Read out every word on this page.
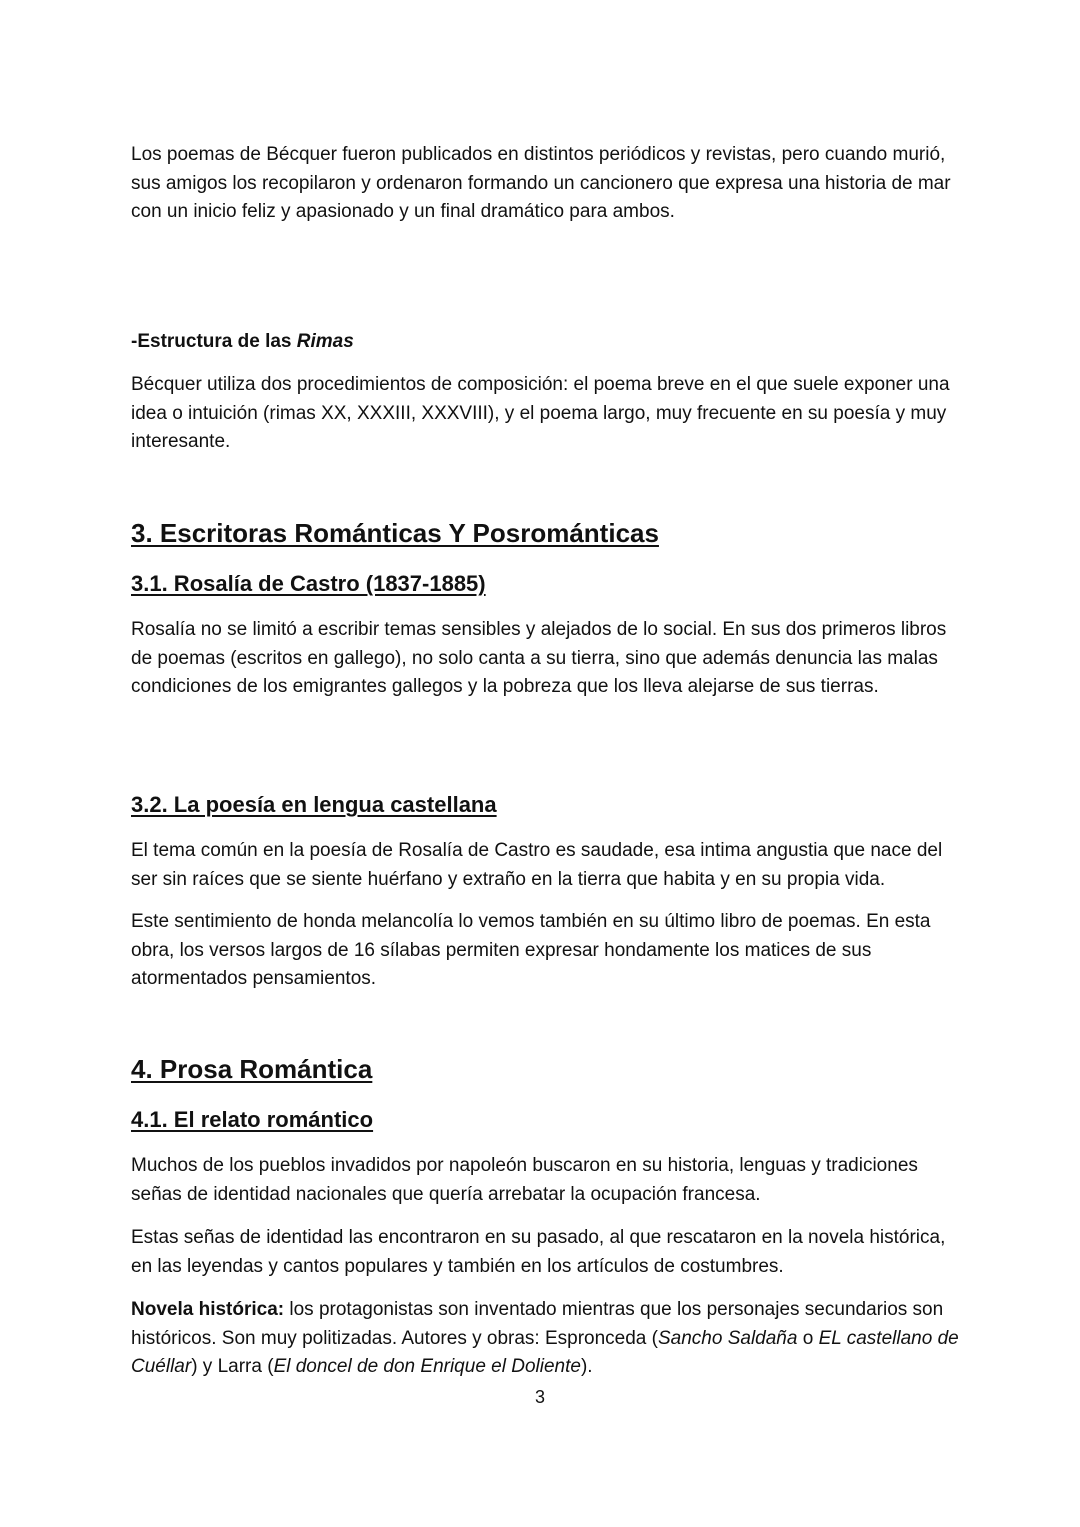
Los poemas de Bécquer fueron publicados en distintos periódicos y revistas, pero cuando murió, sus amigos los recopilaron y ordenaron formando un cancionero que expresa una historia de mar con un inicio feliz y apasionado y un final dramático para ambos.

-Estructura de las Rimas

Bécquer utiliza dos procedimientos de composición: el poema breve en el que suele exponer una idea o intuición (rimas XX, XXXIII, XXXVIII), y el poema largo, muy frecuente en su poesía y muy interesante.

3. Escritoras Románticas Y Posrománticas
3.1. Rosalía de Castro (1837-1885)

Rosalía no se limitó a escribir temas sensibles y alejados de lo social. En sus dos primeros libros de poemas (escritos en gallego), no solo canta a su tierra, sino que además denuncia las malas condiciones de los emigrantes gallegos y la pobreza que los lleva alejarse de sus tierras.

3.2. La poesía en lengua castellana

El tema común en la poesía de Rosalía de Castro es saudade, esa intima angustia que nace del ser sin raíces que se siente huérfano y extraño en la tierra que habita y en su propia vida.

Este sentimiento de honda melancolía lo vemos también en su último libro de poemas. En esta obra, los versos largos de 16 sílabas permiten expresar hondamente los matices de sus atormentados pensamientos.

4. Prosa Romántica
4.1. El relato romántico

Muchos de los pueblos invadidos por napoleón buscaron en su historia, lenguas y tradiciones señas de identidad nacionales que quería arrebatar la ocupación francesa.

Estas señas de identidad las encontraron en su pasado, al que rescataron en la novela histórica, en las leyendas y cantos populares y también en los artículos de costumbres.

Novela histórica: los protagonistas son inventado mientras que los personajes secundarios son históricos. Son muy politizadas. Autores y obras: Espronceda (Sancho Saldaña o EL castellano de Cuéllar) y Larra (El doncel de don Enrique el Doliente).

3
